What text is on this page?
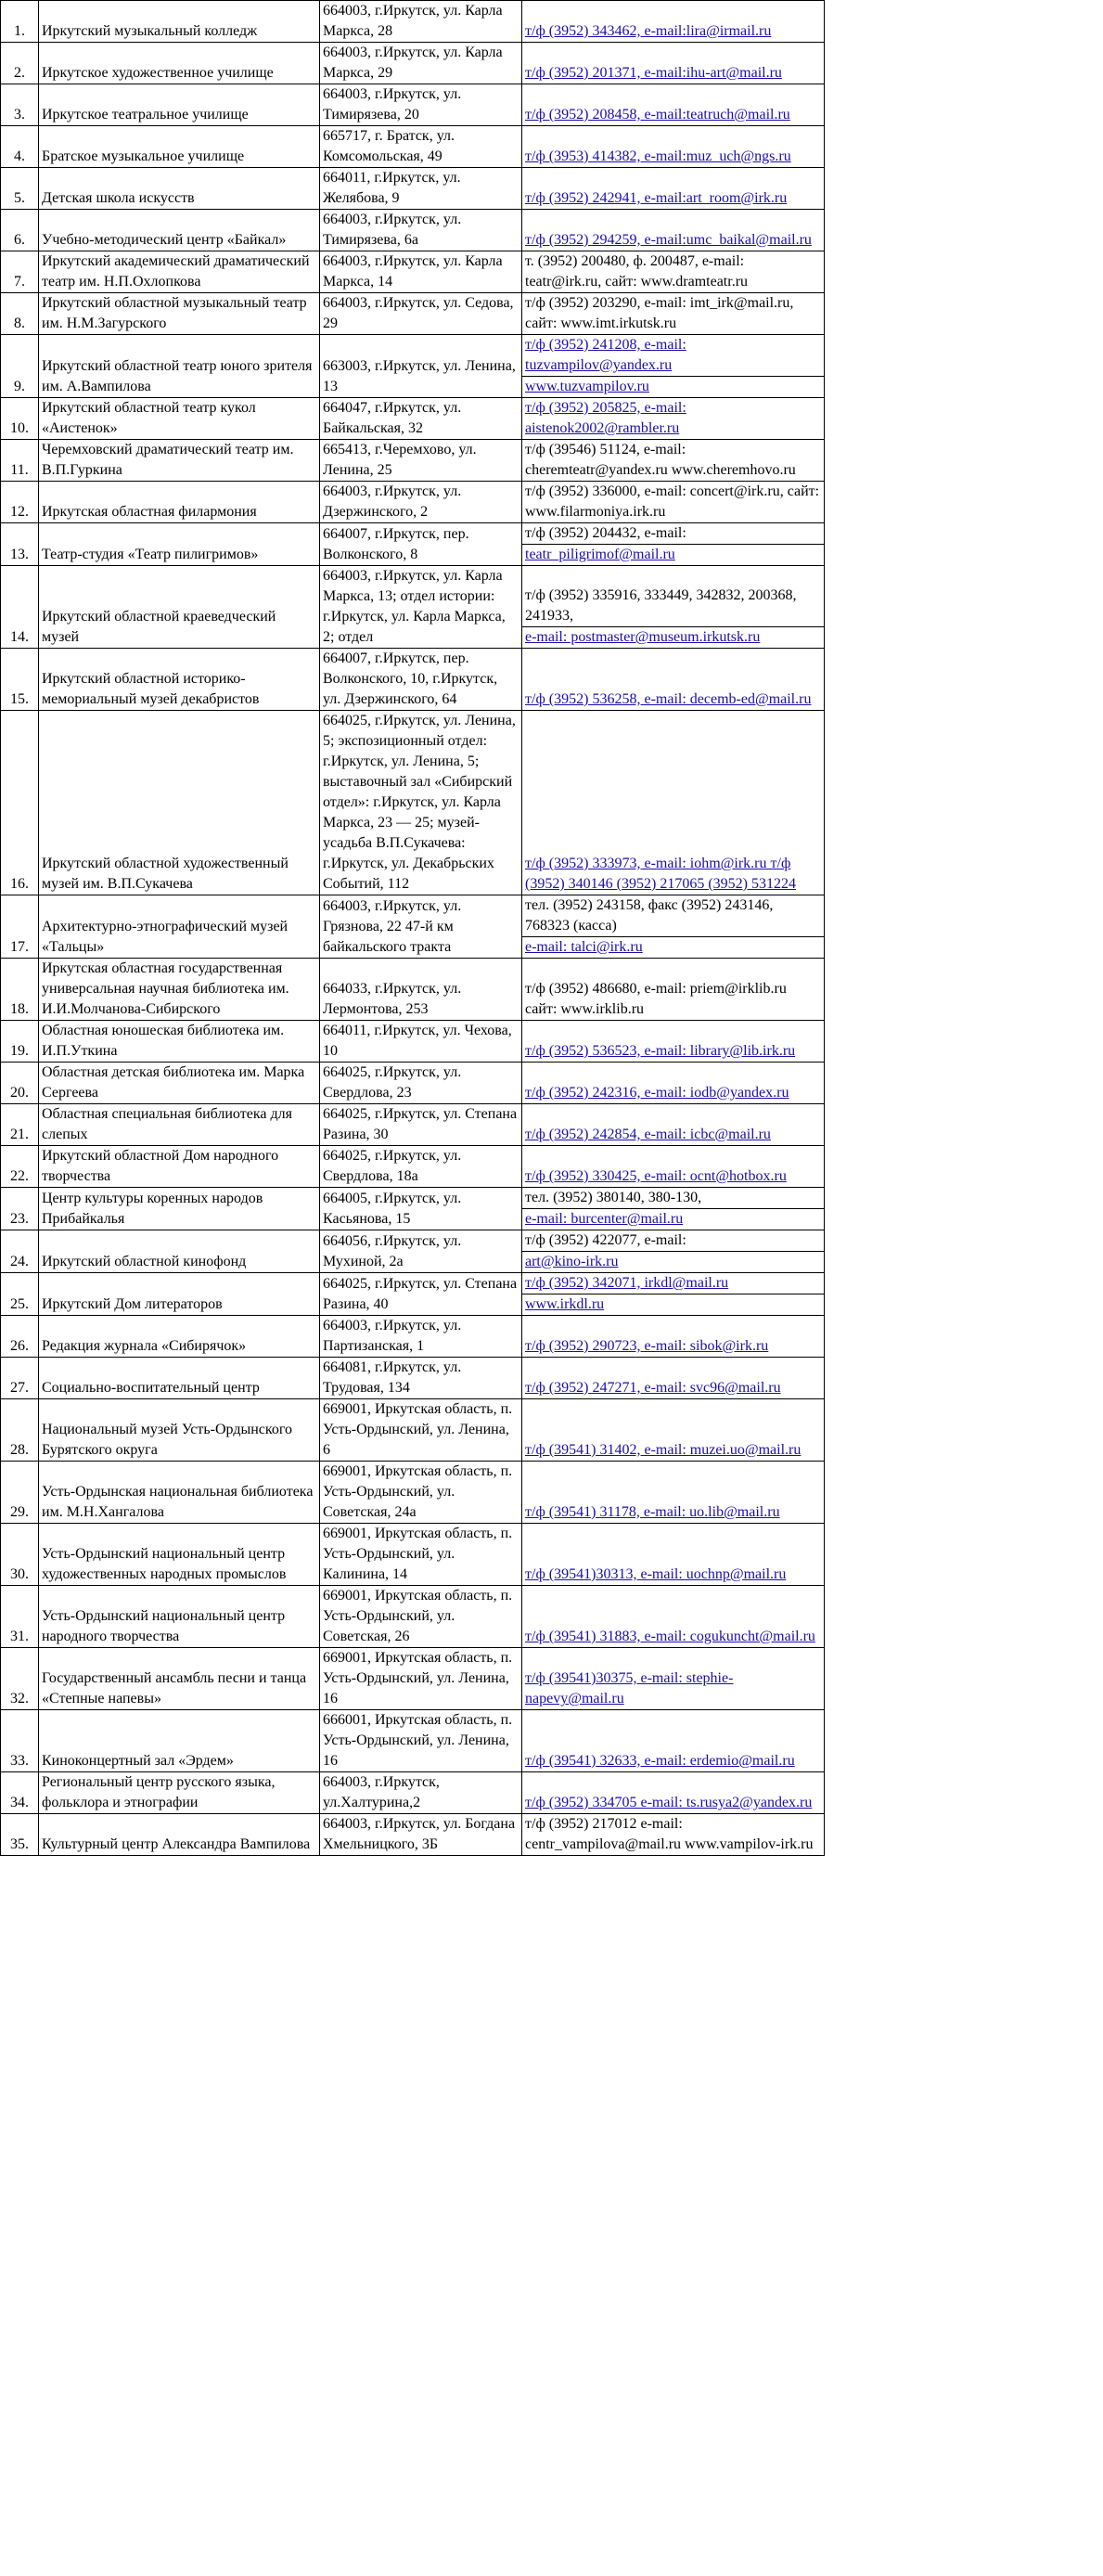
1.	Иркутский музыкальный колледж	664003, г.Иркутск, ул. Карла Маркса, 28	т/ф (3952) 343462, e-mail:lira@irmail.ru

2.	Иркутское художественное училище	664003, г.Иркутск, ул. Карла Маркса, 29	т/ф (3952) 201371, e-mail:ihu-art@mail.ru

3.	Иркутское театральное училище	664003, г.Иркутск, ул. Тимирязева, 20	т/ф (3952) 208458, e-mail:teatruch@mail.ru

4.	Братское музыкальное училище	665717, г. Братск, ул. Комсомольская, 49	т/ф (3953) 414382, e-mail:muz_uch@ngs.ru

5.	Детская школа искусств	664011, г.Иркутск, ул. Желябова, 9	т/ф (3952) 242941, e-mail:art_room@irk.ru

6.	Учебно-методический центр «Байкал»	664003, г.Иркутск, ул. Тимирязева, 6а	т/ф (3952) 294259, e-mail:umc_baikal@mail.ru

7.	Иркутский академический драматический театр им. Н.П.Охлопкова	664003, г.Иркутск, ул. Карла Маркса, 14	т. (3952) 200480, ф. 200487, e-mail: teatr@irk.ru, сайт: www.dramteatr.ru

8.	Иркутский областной музыкальный театр им. Н.М.Загурского	664003, г.Иркутск, ул. Седова, 29	т/ф (3952) 203290, e-mail: imt_irk@mail.ru, сайт: www.imt.irkutsk.ru

9.	Иркутский областной театр юного зрителя им. А.Вампилова	663003, г.Иркутск, ул. Ленина, 13	т/ф (3952) 241208, e-mail: tuzvampilov@yandex.ru
www.tuzvampilov.ru

10.	Иркутский областной театр кукол «Аистенок»	664047, г.Иркутск, ул. Байкальская, 32	т/ф (3952) 205825, e-mail: aistenok2002@rambler.ru

11.	Черемховский драматический театр им. В.П.Гуркина	665413, г.Черемхово, ул. Ленина, 25	т/ф (39546) 51124, e-mail: cheremteatr@yandex.ru www.cheremhovo.ru

12.	Иркутская областная филармония	664003, г.Иркутск, ул. Дзержинского, 2	т/ф (3952) 336000, e-mail: concert@irk.ru, сайт: www.filarmoniya.irk.ru

13.	Театр-студия «Театр пилигримов»	664007, г.Иркутск, пер. Волконского, 8	т/ф (3952) 204432, e-mail:
teatr_piligrimof@mail.ru

14.	Иркутский областной краеведческий музей	664003, г.Иркутск, ул. Карла Маркса, 13; отдел истории: г.Иркутск, ул. Карла Маркса, 2; отдел	т/ф (3952) 335916, 333449, 342832, 200368, 241933,
e-mail: postmaster@museum.irkutsk.ru

15.	Иркутский областной историко-мемориальный музей декабристов	664007, г.Иркутск, пер. Волконского, 10, г.Иркутск, ул. Дзержинского, 64	т/ф (3952) 536258, e-mail: decemb-ed@mail.ru

16.	Иркутский областной художественный музей им. В.П.Сукачева	664025, г.Иркутск, ул. Ленина, 5; экспозиционный отдел: г.Иркутск, ул. Ленина, 5; выставочный зал «Сибирский отдел»: г.Иркутск, ул. Карла Маркса, 23 — 25; музей-усадьба В.П.Сукачева: г.Иркутск, ул. Декабрьских Событий, 112	т/ф (3952) 333973, e-mail: iohm@irk.ru т/ф (3952) 340146 (3952) 217065 (3952) 531224

17.	Архитектурно-этнографический музей «Тальцы»	664003, г.Иркутск, ул. Грязнова, 22 47-й км байкальского тракта	тел. (3952) 243158, факс (3952) 243146, 768323 (касса)
e-mail: talci@irk.ru

18.	Иркутская областная государственная универсальная научная библиотека им. И.И.Молчанова-Сибирского	664033, г.Иркутск, ул. Лермонтова, 253	т/ф (3952) 486680, e-mail: priem@irklib.ru сайт: www.irklib.ru

19.	Областная юношеская библиотека им. И.П.Уткина	664011, г.Иркутск, ул. Чехова, 10	т/ф (3952) 536523, e-mail: library@lib.irk.ru

20.	Областная детская библиотека им. Марка Сергеева	664025, г.Иркутск, ул. Свердлова, 23	т/ф (3952) 242316, e-mail: iodb@yandex.ru

21.	Областная специальная библиотека для слепых	664025, г.Иркутск, ул. Степана Разина, 30	т/ф (3952) 242854, e-mail: icbc@mail.ru

22.	Иркутский областной Дом народного творчества	664025, г.Иркутск, ул. Свердлова, 18а	т/ф (3952) 330425, e-mail: ocnt@hotbox.ru

23.	Центр культуры коренных народов Прибайкалья	664005, г.Иркутск, ул. Касьянова, 15	тел. (3952) 380140, 380-130,
e-mail: burcenter@mail.ru

24.	Иркутский областной кинофонд	664056, г.Иркутск, ул. Мухиной, 2а	т/ф (3952) 422077, e-mail:
art@kino-irk.ru

25.	Иркутский Дом литераторов	664025, г.Иркутск, ул. Степана Разина, 40	т/ф (3952) 342071, irkdl@mail.ru
www.irkdl.ru

26.	Редакция журнала «Сибирячок»	664003, г.Иркутск, ул. Партизанская, 1	т/ф (3952) 290723, e-mail: sibok@irk.ru

27.	Социально-воспитательный центр	664081, г.Иркутск, ул. Трудовая, 134	т/ф (3952) 247271, e-mail: svc96@mail.ru

28.	Национальный музей Усть-Ордынского Бурятского округа	669001, Иркутская область, п. Усть-Ордынский, ул. Ленина, 6	т/ф (39541) 31402, e-mail: muzei.uo@mail.ru

29.	Усть-Ордынская национальная библиотека им. М.Н.Хангалова	669001, Иркутская область, п. Усть-Ордынский, ул. Советская, 24а	т/ф (39541) 31178, e-mail: uo.lib@mail.ru

30.	Усть-Ордынский национальный центр художественных народных промыслов	669001, Иркутская область, п. Усть-Ордынский, ул. Калинина, 14	т/ф (39541)30313, e-mail: uochnp@mail.ru

31.	Усть-Ордынский национальный центр народного творчества	669001, Иркутская область, п. Усть-Ордынский, ул. Советская, 26	т/ф (39541) 31883, e-mail: cogukuncht@mail.ru

32.	Государственный ансамбль песни и танца «Степные напевы»	669001, Иркутская область, п. Усть-Ордынский, ул. Ленина, 16	т/ф (39541)30375, e-mail: stephie-napevy@mail.ru

33.	Киноконцертный зал «Эрдем»	666001, Иркутская область, п. Усть-Ордынский, ул. Ленина, 16	т/ф (39541) 32633, e-mail: erdemio@mail.ru

34.	Региональный центр русского языка, фольклора и этнографии	664003, г.Иркутск, ул.Халтурина,2	т/ф (3952) 334705 e-mail: ts.rusya2@yandex.ru

35.	Культурный центр Александра Вампилова	664003, г.Иркутск, ул. Богдана Хмельницкого, 3Б	т/ф (3952) 217012 e-mail: centr_vampilova@mail.ru www.vampilov-irk.ru
